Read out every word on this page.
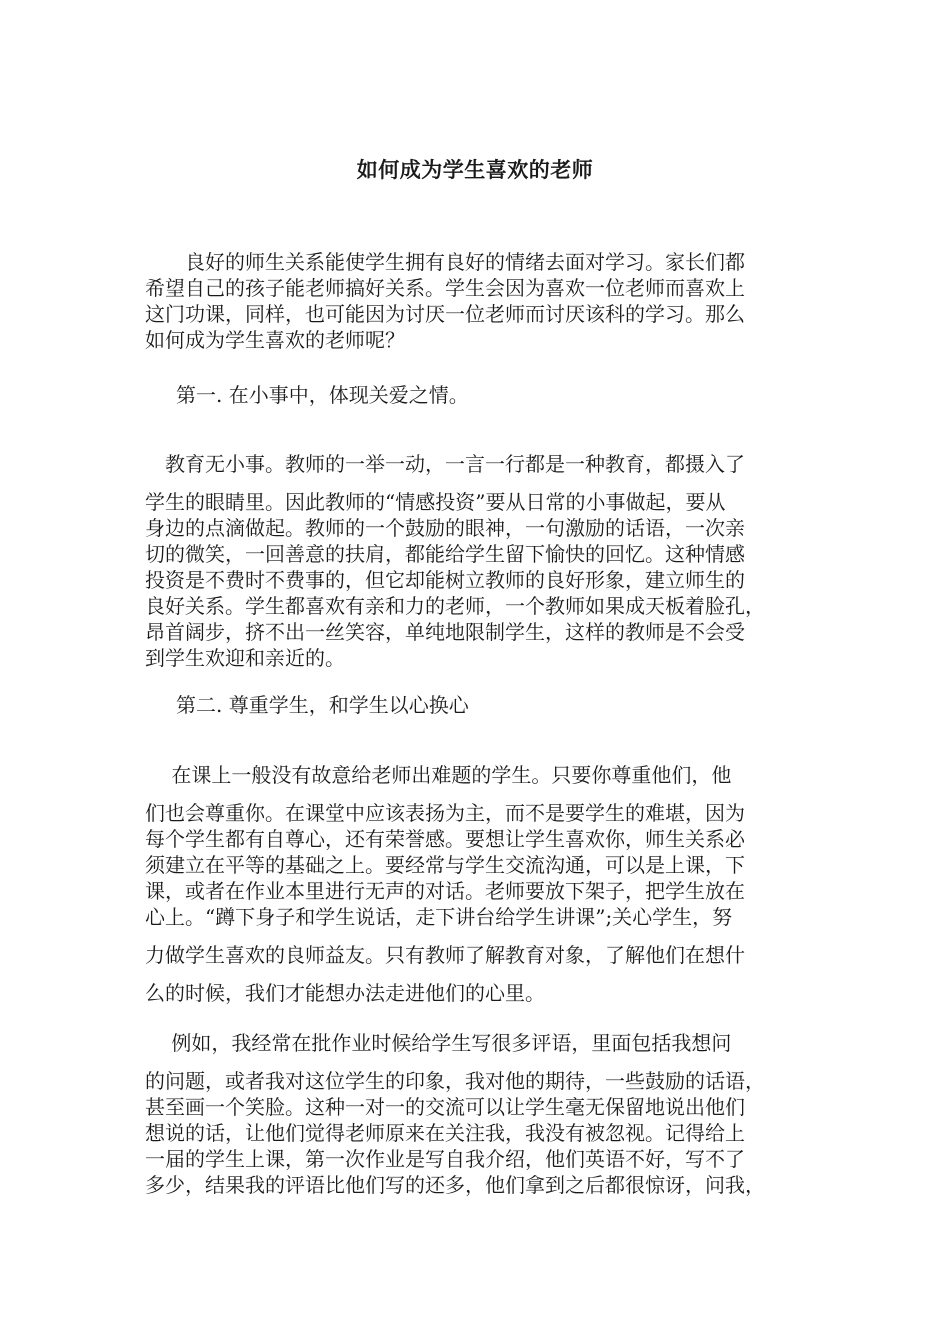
如何成为学生喜欢的老师
　　良好的师生关系能使学生拥有良好的情绪去面对学习。家长们都
希望自己的孩子能老师搞好关系。学生会因为喜欢一位老师而喜欢上
这门功课，同样，也可能因为讨厌一位老师而讨厌该科的学习。那么
如何成为学生喜欢的老师呢？
第一. 在小事中，体现关爱之情。
　教育无小事。教师的一举一动，一言一行都是一种教育，都摄入了
学生的眼睛里。因此教师的“情感投资”要从日常的小事做起，要从
身边的点滴做起。教师的一个鼓励的眼神，一句激励的话语，一次亲
切的微笑，一回善意的扶肩，都能给学生留下愉快的回忆。这种情感
投资是不费时不费事的，但它却能树立教师的良好形象，建立师生的
良好关系。学生都喜欢有亲和力的老师，一个教师如果成天板着脸孔，
昂首阔步，挤不出一丝笑容，单纯地限制学生，这样的教师是不会受
到学生欢迎和亲近的。
第二. 尊重学生，和学生以心换心
　 在课上一般没有故意给老师出难题的学生。只要你尊重他们，他
们也会尊重你。在课堂中应该表扬为主，而不是要学生的难堪，因为
每个学生都有自尊心，还有荣誉感。要想让学生喜欢你，师生关系必
须建立在平等的基础之上。要经常与学生交流沟通，可以是上课，下
课，或者在作业本里进行无声的对话。老师要放下架子，把学生放在
心上。“蹲下身子和学生说话，走下讲台给学生讲课”;关心学生，努
力做学生喜欢的良师益友。只有教师了解教育对象，了解他们在想什
么的时候，我们才能想办法走进他们的心里。
　 例如，我经常在批作业时候给学生写很多评语，里面包括我想问
的问题，或者我对这位学生的印象，我对他的期待，一些鼓励的话语，
甚至画一个笑脸。这种一对一的交流可以让学生毫无保留地说出他们
想说的话，让他们觉得老师原来在关注我，我没有被忽视。记得给上
一届的学生上课，第一次作业是写自我介绍，他们英语不好，写不了
多少，结果我的评语比他们写的还多，他们拿到之后都很惊讶，问我，
